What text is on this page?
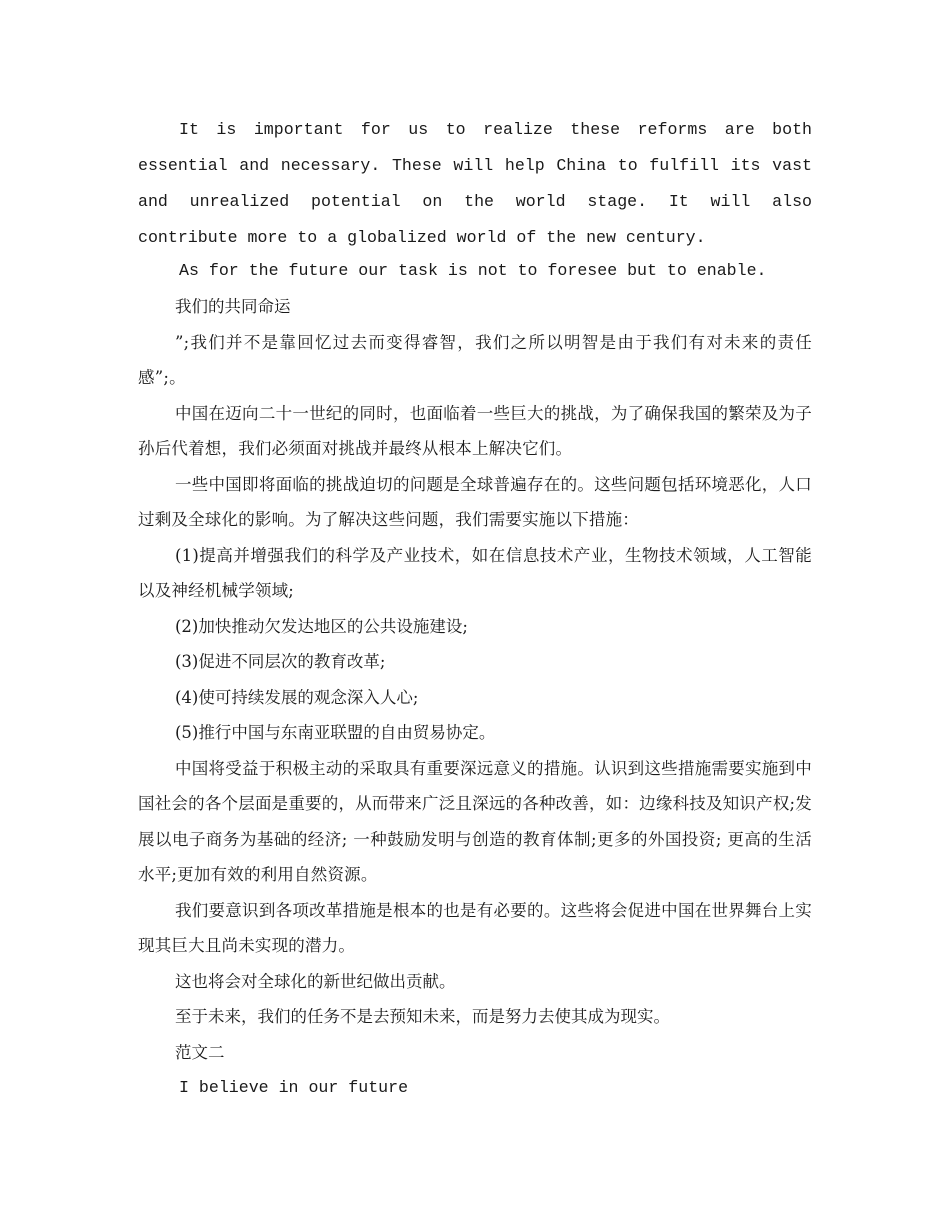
It is important for us to realize these reforms are both essential and necessary. These will help China to fulfill its vast and unrealized potential on the world stage. It will also contribute more to a globalized world of the new century.

As for the future our task is not to foresee but to enable.

我们的共同命运

”;我们并不是靠回忆过去而变得睿智，我们之所以明智是由于我们有对未来的责任感”;。

中国在迈向二十一世纪的同时，也面临着一些巨大的挑战，为了确保我国的繁荣及为子孙后代着想，我们必须面对挑战并最终从根本上解决它们。

一些中国即将面临的挑战迫切的问题是全球普遍存在的。这些问题包括环境恶化，人口过剩及全球化的影响。为了解决这些问题，我们需要实施以下措施：

(1)提高并增强我们的科学及产业技术，如在信息技术产业，生物技术领域，人工智能以及神经机械学领域;

(2)加快推动欠发达地区的公共设施建设;

(3)促进不同层次的教育改革;

(4)使可持续发展的观念深入人心;

(5)推行中国与东南亚联盟的自由贸易协定。

中国将受益于积极主动的采取具有重要深远意义的措施。认识到这些措施需要实施到中国社会的各个层面是重要的，从而带来广泛且深远的各种改善，如：边缘科技及知识产权;发展以电子商务为基础的经济; 一种鼓励发明与创造的教育体制;更多的外国投资; 更高的生活水平;更加有效的利用自然资源。

我们要意识到各项改革措施是根本的也是有必要的。这些将会促进中国在世界舞台上实现其巨大且尚未实现的潜力。

这也将会对全球化的新世纪做出贡献。

至于未来，我们的任务不是去预知未来，而是努力去使其成为现实。

范文二

I believe in our future
